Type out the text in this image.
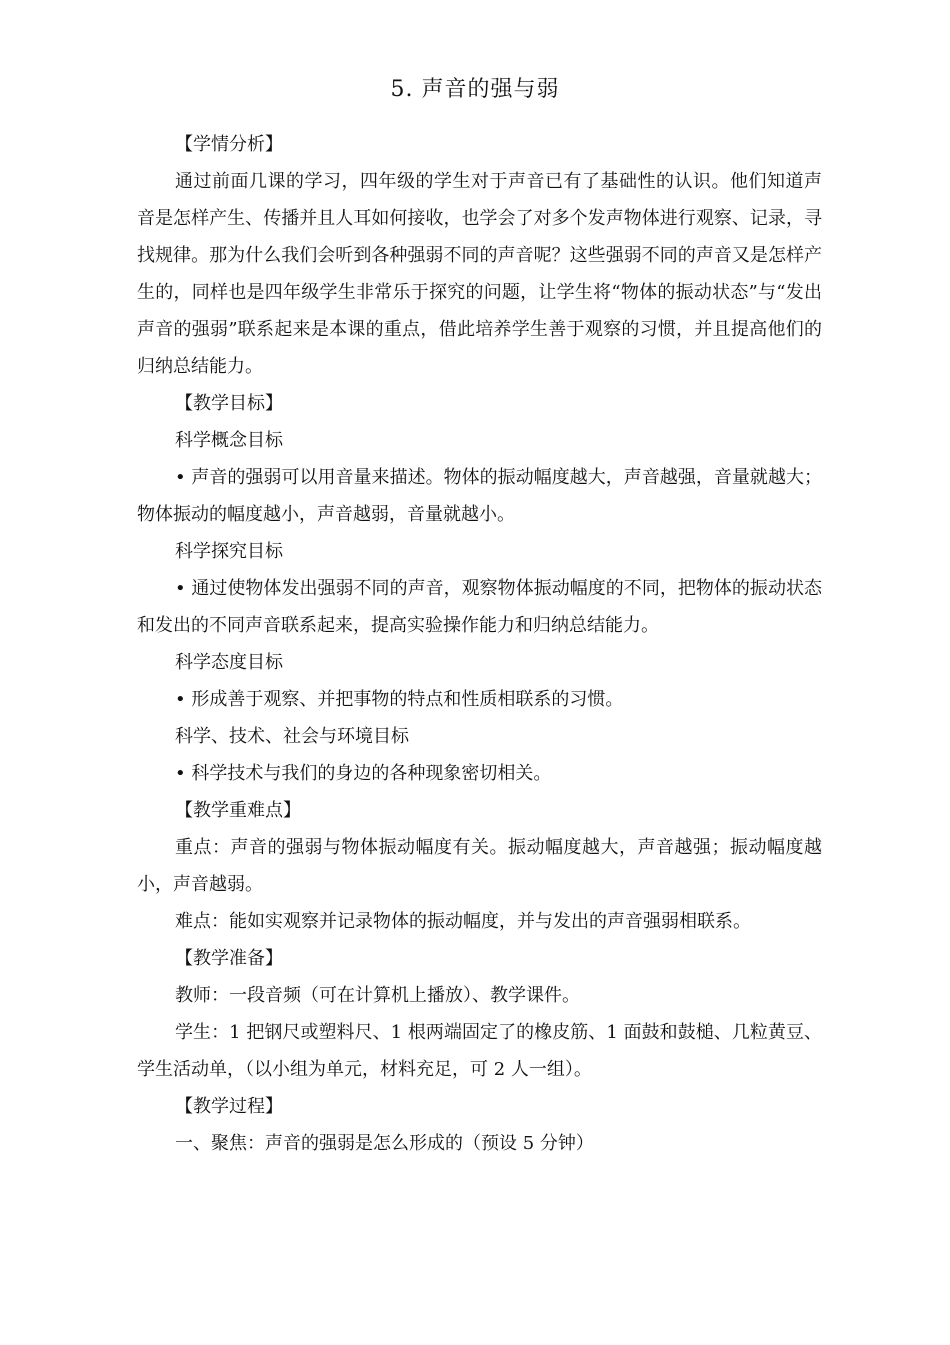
5. 声音的强与弱

【学情分析】

通过前面几课的学习，四年级的学生对于声音已有了基础性的认识。他们知道声音是怎样产生、传播并且人耳如何接收，也学会了对多个发声物体进行观察、记录，寻找规律。那为什么我们会听到各种强弱不同的声音呢？这些强弱不同的声音又是怎样产生的，同样也是四年级学生非常乐于探究的问题，让学生将“物体的振动状态”与“发出声音的强弱”联系起来是本课的重点，借此培养学生善于观察的习惯，并且提高他们的归纳总结能力。

【教学目标】

科学概念目标

• 声音的强弱可以用音量来描述。物体的振动幅度越大，声音越强，音量就越大；物体振动的幅度越小，声音越弱，音量就越小。

科学探究目标

• 通过使物体发出强弱不同的声音，观察物体振动幅度的不同，把物体的振动状态和发出的不同声音联系起来，提高实验操作能力和归纳总结能力。

科学态度目标

• 形成善于观察、并把事物的特点和性质相联系的习惯。

科学、技术、社会与环境目标

• 科学技术与我们的身边的各种现象密切相关。

【教学重难点】

重点：声音的强弱与物体振动幅度有关。振动幅度越大，声音越强；振动幅度越小，声音越弱。

难点：能如实观察并记录物体的振动幅度，并与发出的声音强弱相联系。

【教学准备】

教师：一段音频（可在计算机上播放）、教学课件。

学生：1 把钢尺或塑料尺、1 根两端固定了的橡皮筋、1 面鼓和鼓槌、几粒黄豆、学生活动单，（以小组为单元，材料充足，可 2 人一组）。

【教学过程】

一、聚焦：声音的强弱是怎么形成的（预设 5 分钟）
